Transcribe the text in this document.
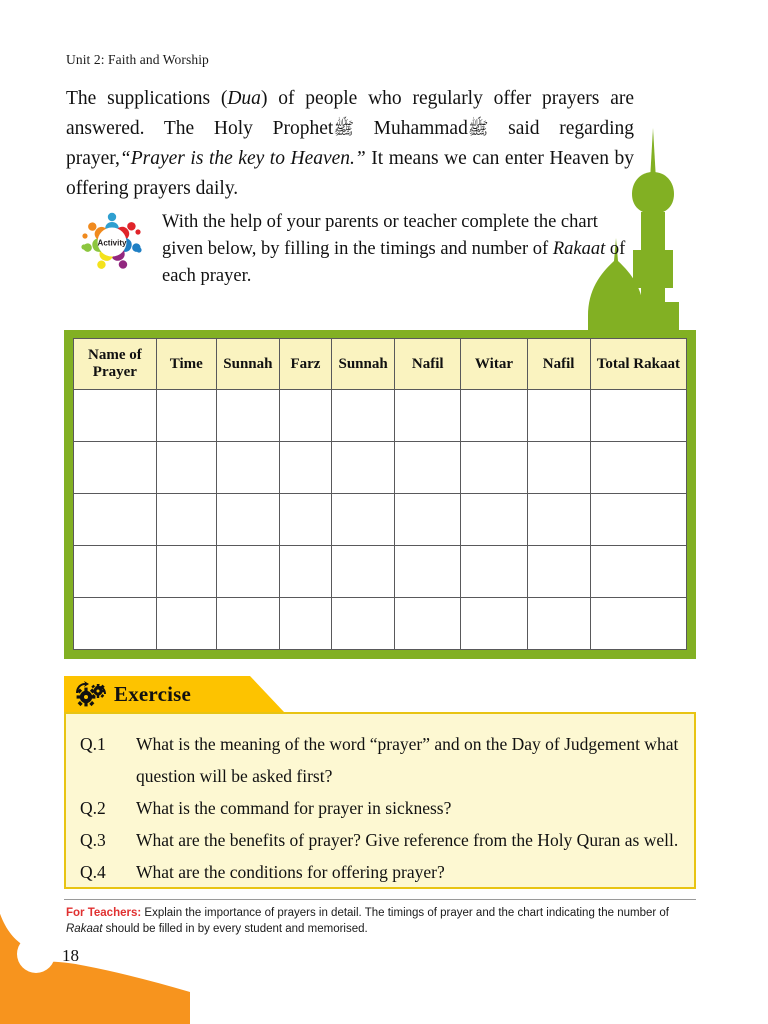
Unit 2: Faith and Worship
The supplications (Dua) of people who regularly offer prayers are answered. The Holy Prophetﷺ Muhammadﷺ said regarding prayer,“Prayer is the key to Heaven.” It means we can enter Heaven by offering prayers daily.
Activity
With the help of your parents or teacher complete the chart given below, by filling in the timings and number of Rakaat of each prayer.
Name of Prayer	Time	Sunnah	Farz	Sunnah	Nafil	Witar	Nafil	Total Rakaat

Exercise
Q.1	What is the meaning of the word “prayer” and on the Day of Judgement what question will be asked first?
Q.2	What is the command for prayer in sickness?
Q.3	What are the benefits of prayer? Give reference from the Holy Quran as well.
Q.4	What are the conditions for offering prayer?
For Teachers: Explain the importance of prayers in detail. The timings of prayer and the chart indicating the number of Rakaat should be filled in by every student and memorised.
18
